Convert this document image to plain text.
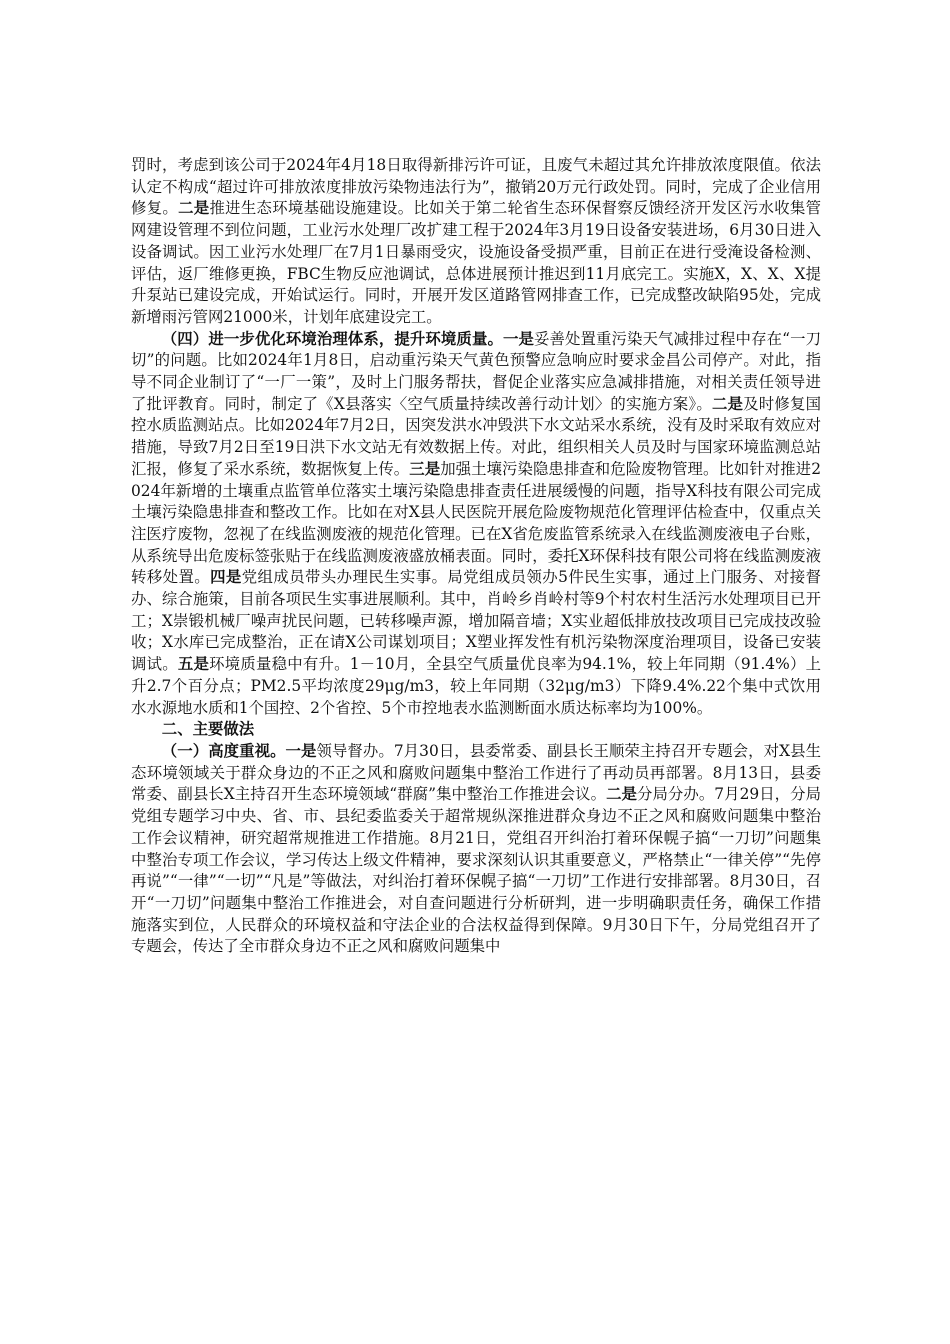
罚时，考虑到该公司于2024年4月18日取得新排污许可证，且废气未超过其允许排放浓度限值。依法认定不构成“超过许可排放浓度排放污染物违法行为”，撤销20万元行政处罚。同时，完成了企业信用修复。二是推进生态环境基础设施建设。比如关于第二轮省生态环保督察反馈经济开发区污水收集管网建设管理不到位问题，工业污水处理厂改扩建工程于2024年3月19日设备安装进场，6月30日进入设备调试。因工业污水处理厂在7月1日暴雨受灾，设施设备受损严重，目前正在进行受淹设备检测、评估，返厂维修更换，FBC生物反应池调试，总体进展预计推迟到11月底完工。实施X，X、X、X提升泵站已建设完成，开始试运行。同时，开展开发区道路管网排查工作，已完成整改缺陷95处，完成新增雨污管网21000米，计划年底建设完工。

（四）进一步优化环境治理体系，提升环境质量。一是妥善处置重污染天气减排过程中存在“一刀切”的问题。比如2024年1月8日，启动重污染天气黄色预警应急响应时要求金昌公司停产。对此，指导不同企业制订了“一厂一策”，及时上门服务帮扶，督促企业落实应急减排措施，对相关责任领导进了批评教育。同时，制定了《X县落实〈空气质量持续改善行动计划〉的实施方案》。二是及时修复国控水质监测站点。比如2024年7月2日，因突发洪水冲毁洪下水文站采水系统，没有及时采取有效应对措施，导致7月2日至19日洪下水文站无有效数据上传。对此，组织相关人员及时与国家环境监测总站汇报，修复了采水系统，数据恢复上传。三是加强土壤污染隐患排查和危险废物管理。比如针对推进2024年新增的土壤重点监管单位落实土壤污染隐患排查责任进展缓慢的问题，指导X科技有限公司完成土壤污染隐患排查和整改工作。比如在对X县人民医院开展危险废物规范化管理评估检查中，仅重点关注医疗废物，忽视了在线监测废液的规范化管理。已在X省危废监管系统录入在线监测废液电子台账，从系统导出危废标签张贴于在线监测废液盛放桶表面。同时，委托X环保科技有限公司将在线监测废液转移处置。四是党组成员带头办理民生实事。局党组成员领办5件民生实事，通过上门服务、对接督办、综合施策，目前各项民生实事进展顺利。其中，肖岭乡肖岭村等9个村农村生活污水处理项目已开工；X崇锻机械厂噪声扰民问题，已转移噪声源，增加隔音墙；X实业超低排放技改项目已完成技改验收；X水库已完成整治，正在请X公司谋划项目；X塑业挥发性有机污染物深度治理项目，设备已安装调试。五是环境质量稳中有升。1－10月，全县空气质量优良率为94.1%，较上年同期（91.4%）上升2.7个百分点；PM2.5平均浓度29μg/m3，较上年同期（32μg/m3）下降9.4%.22个集中式饮用水水源地水质和1个国控、2个省控、5个市控地表水监测断面水质达标率均为100%。

二、主要做法

（一）高度重视。一是领导督办。7月30日，县委常委、副县长王顺荣主持召开专题会，对X县生态环境领域关于群众身边的不正之风和腐败问题集中整治工作进行了再动员再部署。8月13日，县委常委、副县长X主持召开生态环境领域“群腐”集中整治工作推进会议。二是分局分办。7月29日，分局党组专题学习中央、省、市、县纪委监委关于超常规纵深推进群众身边不正之风和腐败问题集中整治工作会议精神，研究超常规推进工作措施。8月21日，党组召开纠治打着环保幌子搞“一刀切”问题集中整治专项工作会议，学习传达上级文件精神，要求深刻认识其重要意义，严格禁止“一律关停”“先停再说”“一律”“一切”“凡是”等做法，对纠治打着环保幌子搞“一刀切”工作进行安排部署。8月30日，召开“一刀切”问题集中整治工作推进会，对自查问题进行分析研判，进一步明确职责任务，确保工作措施落实到位，人民群众的环境权益和守法企业的合法权益得到保障。9月30日下午，分局党组召开了专题会，传达了全市群众身边不正之风和腐败问题集中
